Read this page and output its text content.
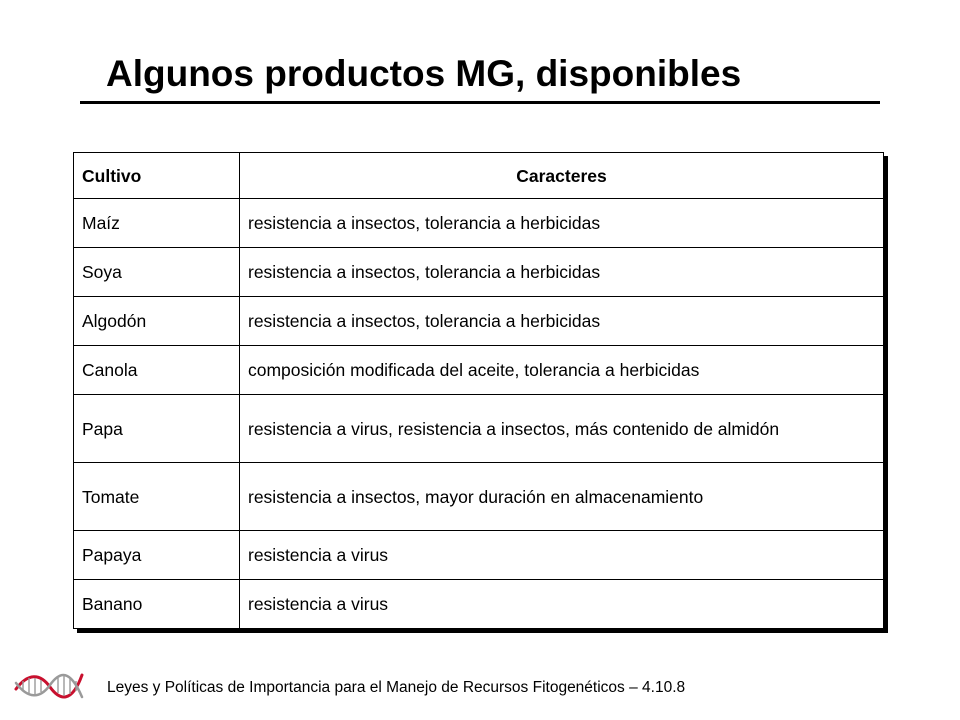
Algunos productos MG, disponibles
Cultivo	Caracteres
Maíz	resistencia a insectos, tolerancia a herbicidas
Soya	resistencia a insectos, tolerancia a herbicidas
Algodón	resistencia a insectos, tolerancia a herbicidas
Canola	composición modificada del aceite, tolerancia a herbicidas
Papa	resistencia a virus, resistencia a insectos, más contenido de almidón
Tomate	resistencia a insectos, mayor duración en almacenamiento
Papaya	resistencia a virus
Banano	resistencia a virus
Leyes y Políticas de Importancia para el Manejo de Recursos Fitogenéticos – 4.10.8
